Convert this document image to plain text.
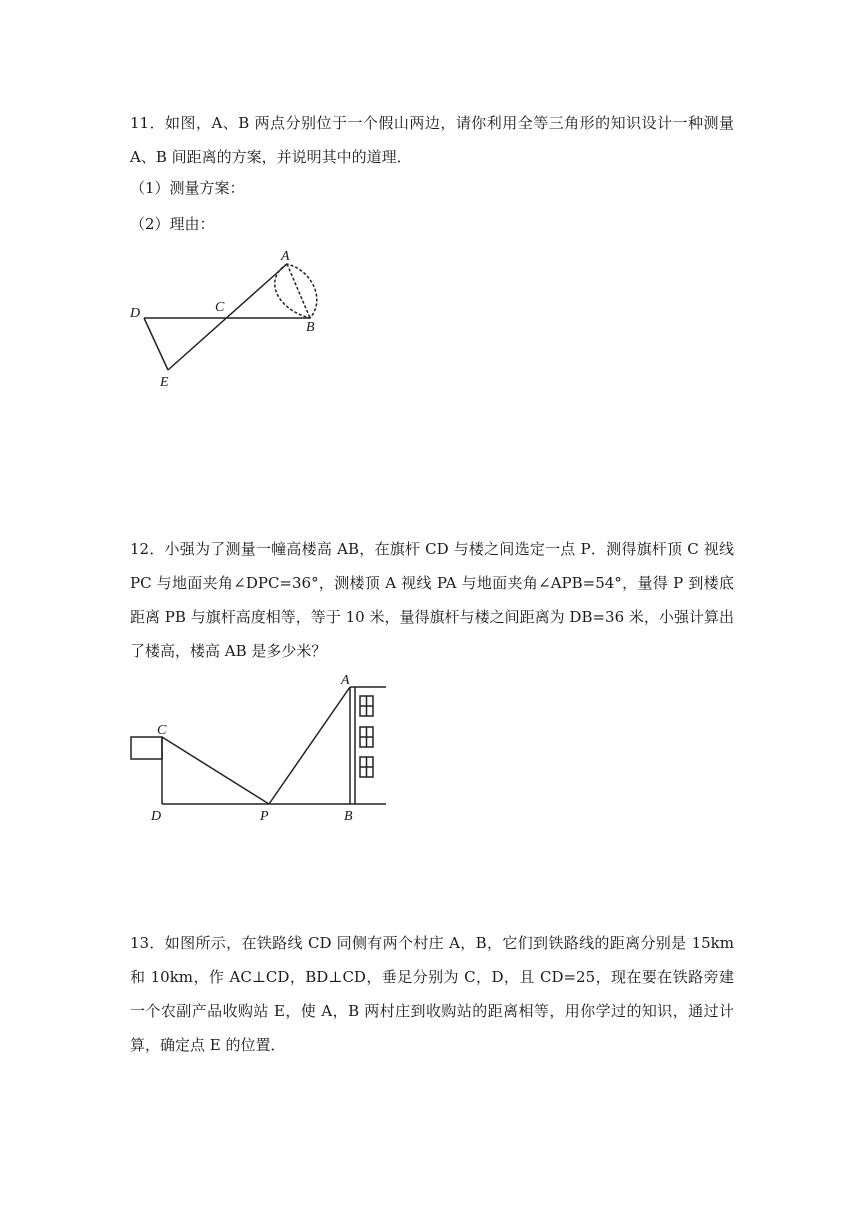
11．如图，A、B 两点分别位于一个假山两边，请你利用全等三角形的知识设计一种测量 A、B 间距离的方案，并说明其中的道理．

（1）测量方案：

（2）理由：

A
B
C
D
E

12．小强为了测量一幢高楼高 AB，在旗杆 CD 与楼之间选定一点 P．测得旗杆顶 C 视线 PC 与地面夹角∠DPC=36°，测楼顶 A 视线 PA 与地面夹角∠APB=54°，量得 P 到楼底距离 PB 与旗杆高度相等，等于 10 米，量得旗杆与楼之间距离为 DB=36 米，小强计算出了楼高，楼高 AB 是多少米？

A
B
C
D	P

13．如图所示，在铁路线 CD 同侧有两个村庄 A，B，它们到铁路线的距离分别是 15km 和 10km，作 AC⊥CD，BD⊥CD，垂足分别为 C，D，且 CD=25，现在要在铁路旁建一个农副产品收购站 E，使 A，B 两村庄到收购站的距离相等，用你学过的知识，通过计算，确定点 E 的位置．
